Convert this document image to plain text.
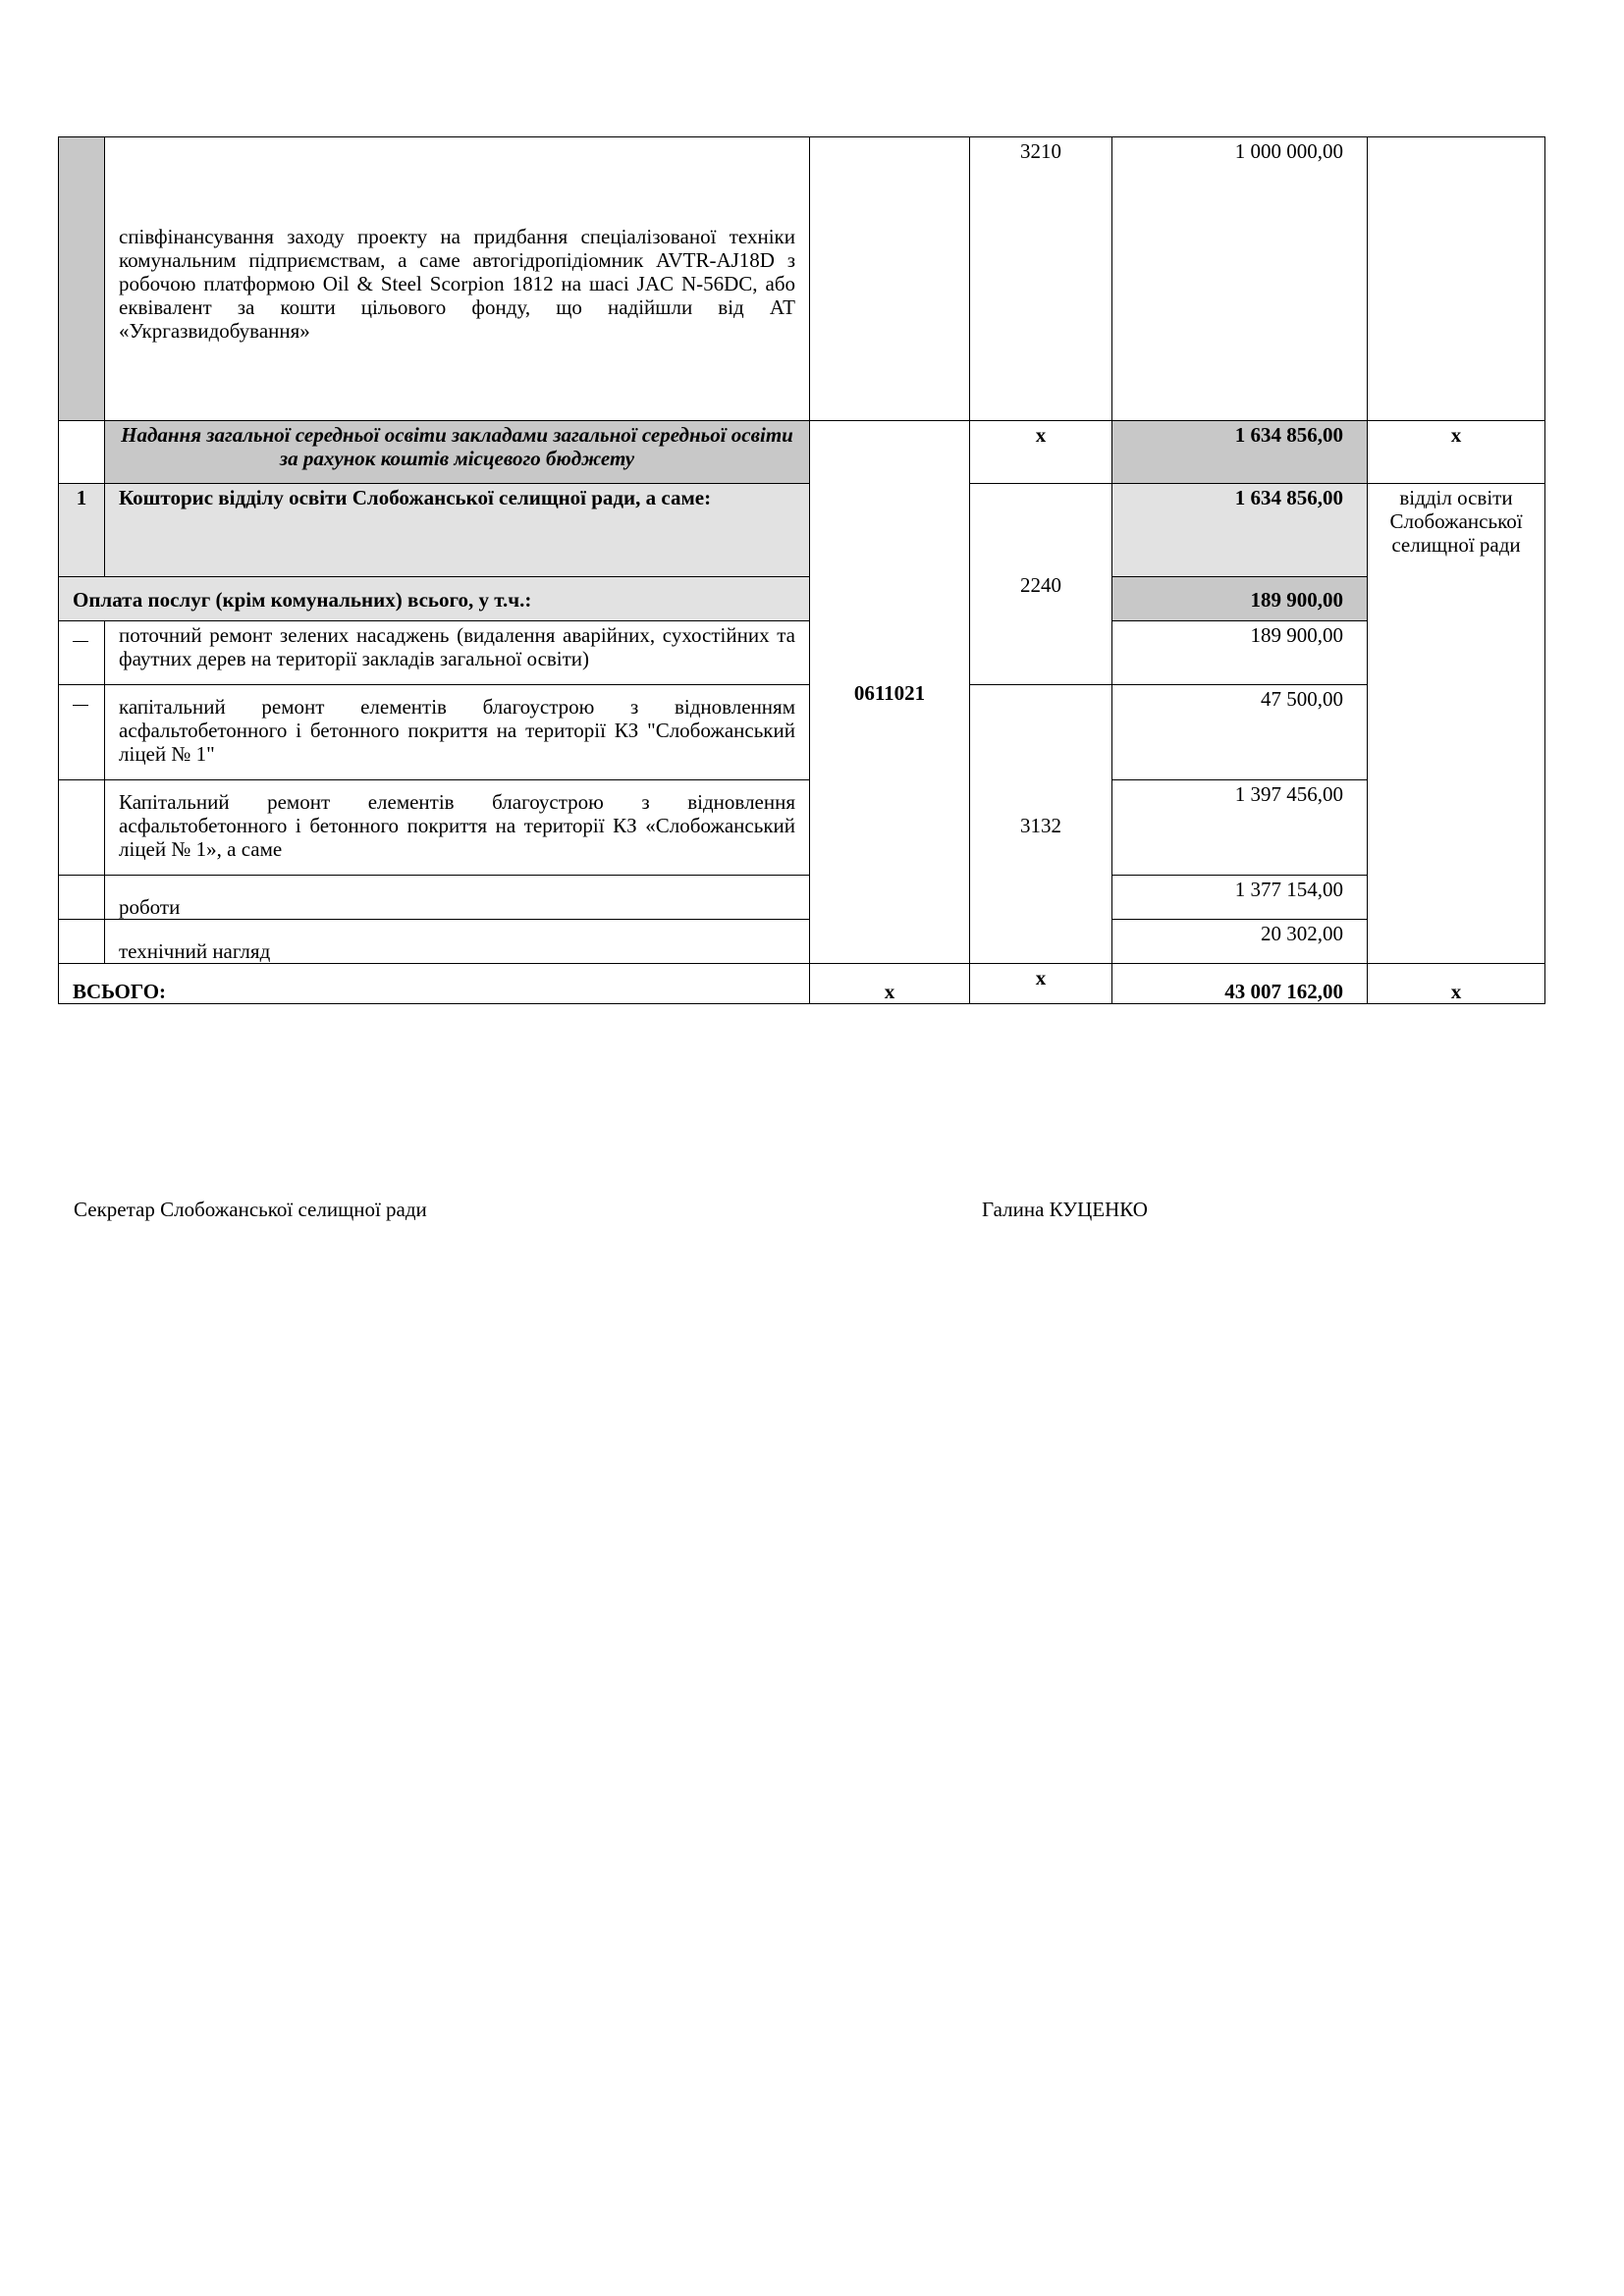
	співфінансування заходу проекту на придбання спеціалізованої техніки комунальним підприємствам, а саме автогідропідіомник AVTR-AJ18D з робочою платформою Oil & Steel Scorpion 1812 на шасі JAC N-56DC, або еквівалент за кошти цільового фонду, що надійшли від АТ «Укргазвидобування»		3210	1 000 000,00	
	Надання загальної середньої освіти закладами загальної середньої освіти за рахунок коштів місцевого бюджету	0611021	х	1 634 856,00	х
1	Кошторис відділу освіти Слобожанської селищної ради, а саме:		2240	1 634 856,00	відділ освіти Слобожанської селищної ради
Оплата послуг (крім комунальних) всього, у т.ч.:				189 900,00	
	поточний ремонт зелених насаджень (видалення аварійних, сухостійних та фаутних дерев на території закладів загальної освіти)			189 900,00	
	капітальний ремонт елементів благоустрою з відновленням асфальтобетонного і бетонного покриття на території КЗ "Слобожанський ліцей № 1"		3132	47 500,00	
	Капітальний ремонт елементів благоустрою з відновлення асфальтобетонного і бетонного покриття на території КЗ «Слобожанський ліцей № 1», а саме			1 397 456,00	
	роботи			1 377 154,00	
	технічний нагляд			20 302,00	
ВСЬОГО:		х	х	43 007 162,00	х
Секретар Слобожанської селищної ради	Галина КУЦЕНКО
